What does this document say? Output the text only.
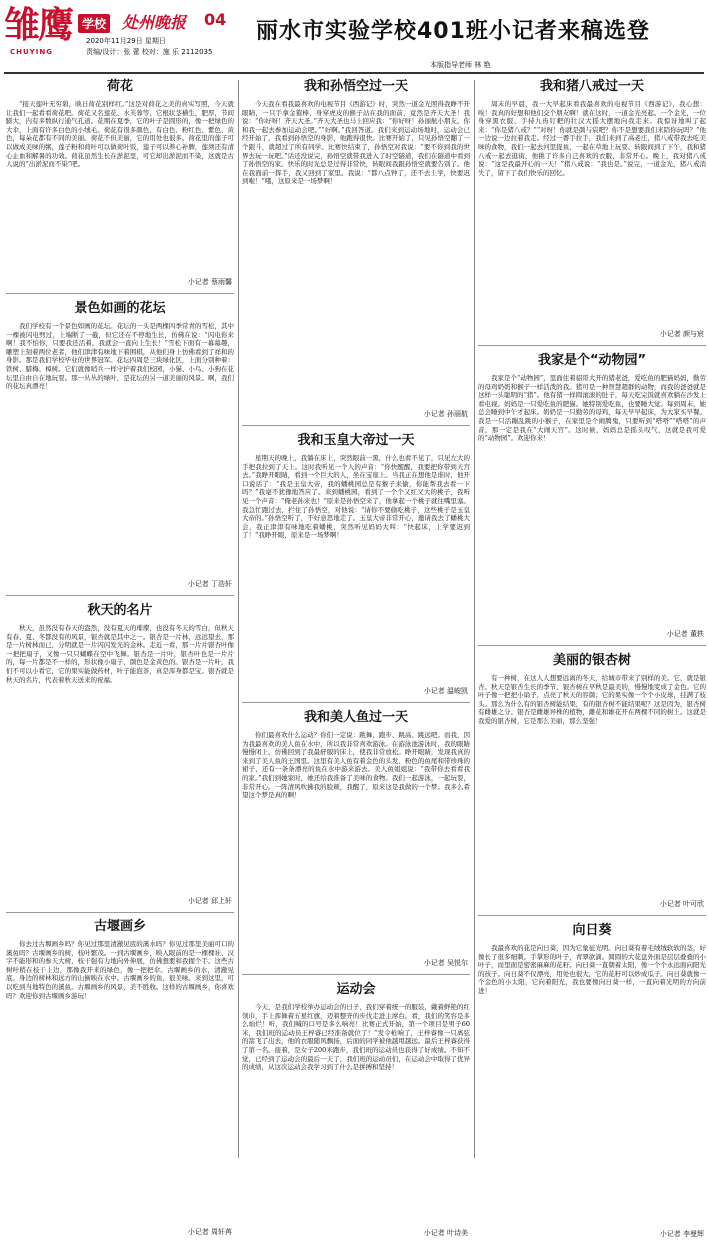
雏
鹰
CHUYING
学校 处州晚报 04
2020年11月29日 星期日
责编/设计：张 蕾 校对：施 乐 2112035
丽水市实验学校401班小记者来稿选登
本版指导老师 林 艳
荷花

“接天莲叶无穷碧，映日荷花别样红。”这是对荷花之美的真实写照，今天就让我们一起看看荷花吧。荷花又名莲花、水芙蓉等，它根状茎横生，肥厚，节间膨大，内有多数纵行通气孔道。花期在夏季，它的叶子是圆形的，像一把绿色的大伞，上面有许多白色的小绒毛。荷花有很多颜色，有白色、粉红色、紫色、黄色，每朵花都有不同的美丽。荷花不但美丽，它的用处也很多。荷花里的莲子可以做成美味的粥，莲子粉和荷叶可以做荷叶饭，莲子可以养心补脾，莲须还有清心止血和解暑的功效。荷花虽然生长在淤泥里，可它却出淤泥而不染，这就是古人说的“出淤泥而不染”吧。

小记者 蔡雨馨
景色如画的花坛

我们学校有一个景色如画的花坛。花坛的一头是两棵四季常青的雪松，其中一棵被闪电劈过，上端断了一截，但它还在不停地生长，仿佛在说：“闪电你来啊！我不怕你，只要我还活着，我就会一直向上生长！”雪松下面有一幕幕趣，雕塑上刻着两位老者，他们津津有味地下着围棋，从他们身上仿佛看到了祥和的身影。那是我们学校毕业的世界冠军。花坛四周是三块绿化区，上面分别种着：铁树、腊梅、樟树。它们就像哨兵一样守护着我们校园，小猫、小鸟、小狗在花坛里自由自在地玩耍。那一丛丛的绿叶，是花坛的另一道美丽的风景。啊，我们的花坛真漂亮！

小记者 丁浩轩
秋天的名片

秋天，虽然没有春天的盎然，没有夏天的璀璨，也没有冬天的雪白，但秋天有春、夏、冬都没有的风景，银杏就是其中之一。银杏是一片林，远远望去，那是一片树林而已，分明就是一片闪闪发光的金林。走近一看，那一片片银杏叶像一把把扇子，又像一只只蝴蝶在空中飞舞。银杏是一片叶，银杏叶也是一片片的，每一片都是不一样的，形状像小扇子，颜色是金黄色的。银杏是一片叶，我们不可以小看它，它的果实能做药材，叶子能泡茶，真是浑身都是宝。银杏就是秋天的名片，代表着秋天送来的祝福。

小记者 邱上轩
古堰画乡

你去过古堰画乡吗？你见过那里清澈见底的溪水吗？你见过那里美丽可口的溪鱼吗？古堰画乡的树，枝叶繁茂。一到古堰画乡，映入眼前的是一棵棵社、汉字不能形和的参天大树，枝干强有力地向外伸展，仿佛想要和我握个手。这些古树叶稍在枝干上边，那像我开来的绿色，像一把把伞。古堰画乡的水，清澈见底。身边的树林和远方的山倒映在水中。古堰画乡的鱼，很美味。来到这里，可以吃到当地特色的溪鱼。古堰画乡的风景，美不胜收。这样的古堰画乡，你喜欢吗？欢迎你到古堰画乡游玩！

小记者 周轩苒
我和孙悟空过一天

今天我在看我最喜欢的电视节目《西游记》时，突然一道金光照得我睁不开眼睛，一只手拿金箍棒、身穿虎皮的猴子站在我的面前，竟然是齐天大圣！我说：“你好呀！齐天大圣。”齐天大圣也马上回应我：“你好呀！孙丽航小朋友。你和我一起去参加运动会吧。”“好啊。”我回答道。我们来到运动场地时，运动会已经开始了，我看到孙悟空的身影，他跑得很快。比赛开始了，只见孙悟空翻了一个跟斗，就超过了所有同学。比赛快结束了，孙悟空对我说：“要不你到我的世界去玩一玩吧。”话还没说完，孙悟空就带我进入了时空隧道，我们在隧道中看到了孙悟空的家。快乐的时光总是过得非常快，转眼间我跟孙悟空就要告别了。他在我面前一挥手，我又回到了家里。我说：“都八点钟了，还不去上学，快要迟到啦！”哦，这原来是一场梦啊！

小记者 孙丽航
我和玉皇大帝过一天

星期天的晚上，我躺在床上，突然眼前一黑，什么也看不见了，只见左大的手把我拉到了天上。这时我听见一个人的声音：“你快醒醒，我要把你带到天宫去。”我睁开眼睛，看到一个巨大的人，坐在宝座上。当我正在想他是谁时，他开口说话了：“我是玉皇大帝，我的蟠桃园总是有猴子来偷，你能帮我去看一下吗？”我毫不犹豫地答应了。来到蟠桃园，看到了一个个又红又大的桃子，我听见一个声音：“俺老孙来也！”原来是孙悟空来了，他拿起一个桃子就往嘴里塞。我急忙跑过去，拦住了孙悟空，对他说：“请你不要偷吃桃子，这些桃子是玉皇大帝的。”孙悟空听了，不好意思地走了。玉皇大帝非常开心，邀请我去了蟠桃大会，我正津津有味地吃着蟠桃，突然听见妈妈大叫：“快起床，上学要迟到了！”我睁开眼，原来是一场梦啊！

小记者 温峻凯
我和美人鱼过一天

你们最喜欢什么运动？你们一定说：跳舞、跑步、跳高、跳远吧。而我，因为我最喜欢的美人鱼在水中，所以我非常喜欢游泳。在游泳池游泳时，我的眼睛慢慢闭上，仿佛回到了我最舒服的床上，使我非常放松。睁开眼睛，发现我真的来到了美人鱼的王国里。这里有美人鱼有着金色的头发、粉色的鱼尾和带珍珠的裙子，还有一条条漂亮的鱼在水中游来游去。美人鱼姐姐说：“我带你去看看我的家。”我们到她家时，她还给我准备了美味的食物。我们一起游泳，一起玩耍，非常开心。一阵清风吹拂我的脸颊，我醒了，原来这是我做的一个梦。我多么希望这个梦是真的啊！

小记者 吴悦尔
运动会

今天，是我们学校举办运动会的日子，我们穿着统一的服装，戴着鲜艳的红领巾，手上挥舞着五星红旗，迈着整齐的步伐走进主席台。看，我们的笑容是多么灿烂！听，我们喊的口号是多么响亮！比赛正式开始，第一个项目是男子60米，我们班的运动员王梓睿已经准备就位了！“发令枪响了，王梓睿像一只离弦的箭飞了出去，他的衣服随风飘扬，后面的同学被他越甩越远。最后王梓睿获得了第一名。接着，是女子200米跑步，我们班的运动员也获得了好成绩。不知不觉，已经到了运动会的最后一天了，我们班的运动员们，在运动会中取得了优异的成绩，从这次运动会我学习到了什么是拼搏和坚持！

小记者 叶诗美
我和猪八戒过一天

周末的早晨，我一大早起床看我最喜欢的电视节目《西游记》，我心想：唉！我真的好想和他们交个朋友啊！就在这时，一道金光亮起。一个金光，一位身穿黑衣服、手持九齿钉耙的壮汉大摇大摆地向我走来。我惊讶地叫了起来：“你是猪八戒？”“对呀！你就是颜与宸吧？你不是想要我们来陪你玩吗？”他一边说一边拉着我走。经过一番手拉手，我们来到了高老庄，猪八戒带我去吃美味的食物，我们一起去河里捉鱼，一起在草地上玩耍。转眼间到了下午，我和猪八戒一起去逛街，他挑了许多自己喜欢的衣服，非常开心。晚上，我对猪八戒说：“这是我最开心的一天！”猪八戒说：“我也是。”说完，一道金光，猪八戒消失了，留下了我们快乐的回忆。

小记者 颜与宸
我家是个“动物园”

我家是个“动物园”，里面住着貂哥大开的猪老爸，爱吃鱼的肥猫妈妈，勤劳的母鸡奶奶和猴子一样活泼的我。猪可是一种智慧超群的动物，而我的爸爸就是这样一头聪明的“猪”。他有猪一样圆滚滚的肚子，每天吃完饭就喜欢躺在沙发上看电视。妈妈是一只爱吃鱼的肥猫。她特别爱吃鱼，也要睡大觉。每到周末，她总会睡到中午才起床。奶奶是一只勤劳的母鸡，每天早早起床，为大家买早餐。我是一只活蹦乱跳的小猴子，在家里是个闹腾鬼，只要听到“嗒嗒”“嗒嗒”的声音，那一定是我在“大闹天宫”。这时候，妈妈总是摇头叹气，这就是我可爱的“动物园”。欢迎你来！

小记者 董轶
美丽的银杏树

有一种树，在这人人想要远离的冬天，给城市带来了别样的美。它，就是银杏。秋天是银杏生长的季节，银杏树在早秋是最美的，慢慢地变成了金色。它的叶子像一把把小扇子，点亮了秋天的容颜；它的果实像一个个小皮球，挂满了枝头。那么为什么有的银杏树能结果，有的银杏树不能结果呢？这是因为，银杏树有雌雄之分。银杏是雌雄异株的植物，雌花和雄花开在两棵不同的树上。这就是我爱的银杏树，它是那么美丽，那么坚强！

小记者 叶可欣
向日葵

我最喜欢的花是向日葵，因为它象征光明。向日葵有着毛绒绒软软的茎，好像长了很多细刺。手掌形的叶子，青翠欲滴。圆圆的大花盘外面是层层叠叠的小叶子，而里面是密密麻麻的花籽。向日葵一直朝着太阳，像一个个永远面向阳光的孩子。向日葵不仅漂亮，用处也很大，它的花籽可以炒成瓜子。向日葵就像一个金色的小太阳，它向着阳光，我也要像向日葵一样，一直向着光明的方向前进！

小记者 李曼辉
